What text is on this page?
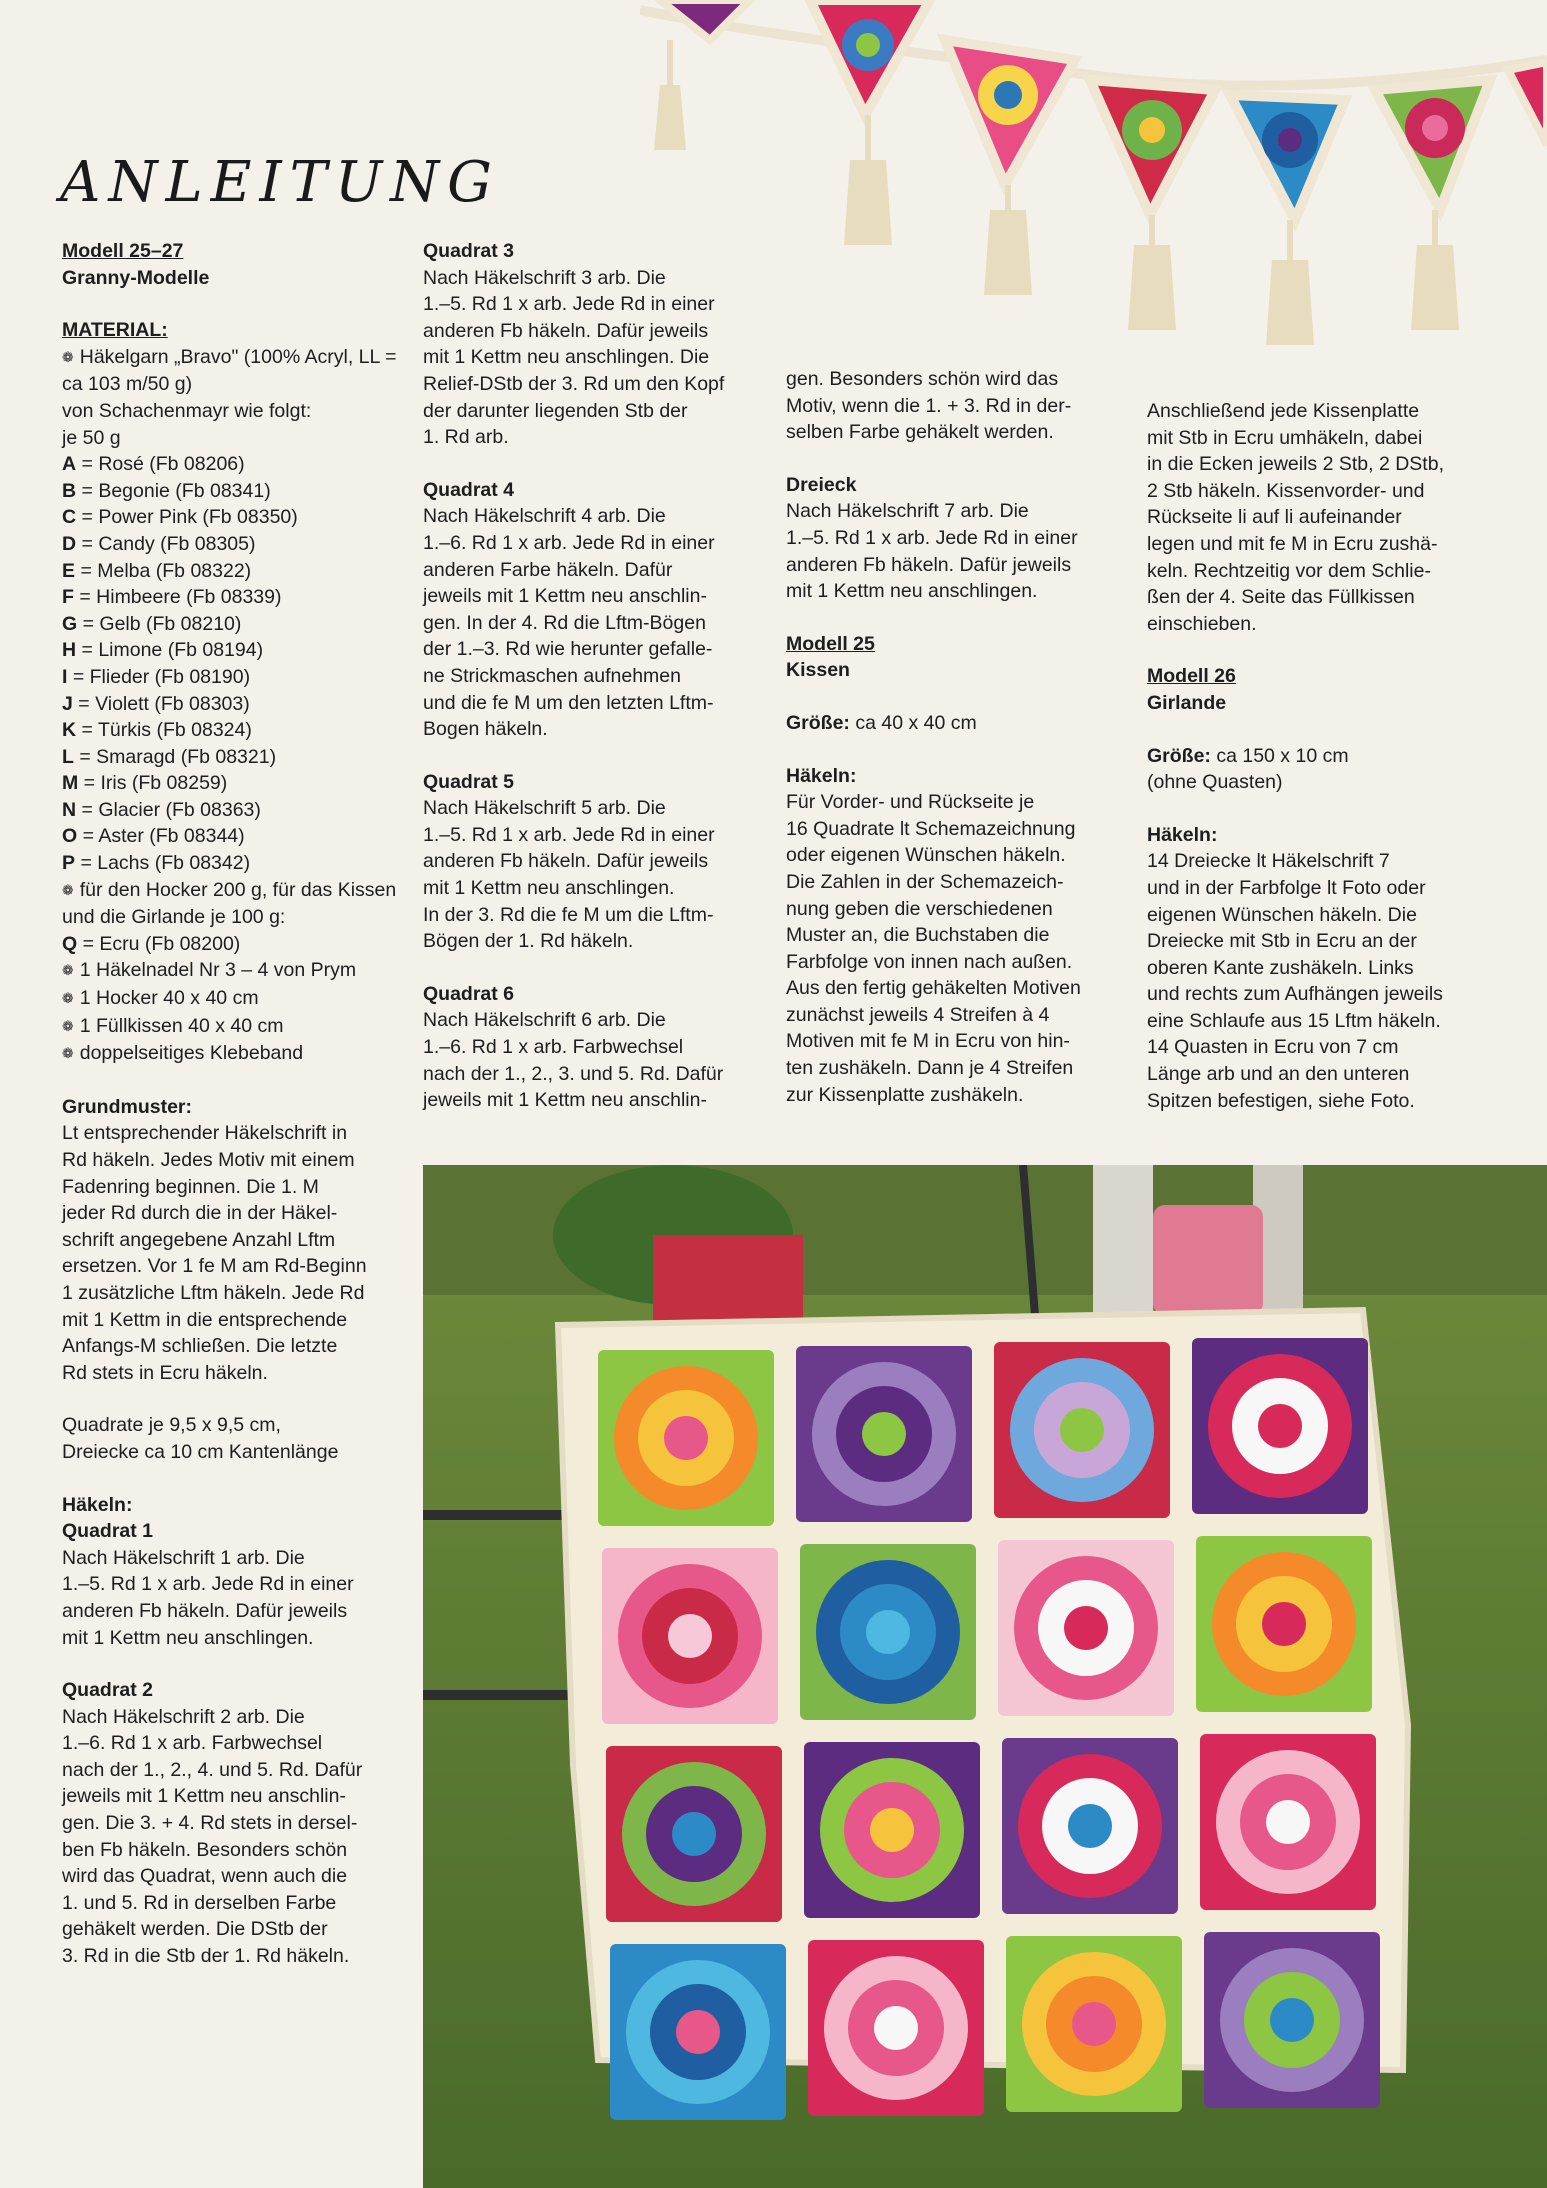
ANLEITUNG
Modell 25–27
Granny-Modelle
MATERIAL:
❁ Häkelgarn „Bravo" (100% Acryl, LL = ca 103 m/50 g)
von Schachenmayr wie folgt:
je 50 g
A = Rosé (Fb 08206)
B = Begonie (Fb 08341)
C = Power Pink (Fb 08350)
D = Candy (Fb 08305)
E = Melba (Fb 08322)
F = Himbeere (Fb 08339)
G = Gelb (Fb 08210)
H = Limone (Fb 08194)
I = Flieder (Fb 08190)
J = Violett (Fb 08303)
K = Türkis (Fb 08324)
L = Smaragd (Fb 08321)
M = Iris (Fb 08259)
N = Glacier (Fb 08363)
O = Aster (Fb 08344)
P = Lachs (Fb 08342)
❁ für den Hocker 200 g, für das Kissen und die Girlande je 100 g:
Q = Ecru (Fb 08200)
❁ 1 Häkelnadel Nr 3 – 4 von Prym
❁ 1 Hocker 40 x 40 cm
❁ 1 Füllkissen 40 x 40 cm
❁ doppelseitiges Klebeband
Grundmuster:

Lt entsprechender Häkelschrift in
Rd häkeln. Jedes Motiv mit einem
Fadenring beginnen. Die 1. M
jeder Rd durch die in der Häkel-
schrift angegebene Anzahl Lftm
ersetzen. Vor 1 fe M am Rd-Beginn
1 zusätzliche Lftm häkeln. Jede Rd
mit 1 Kettm in die entsprechende
Anfangs-M schließen. Die letzte
Rd stets in Ecru häkeln.

Quadrate je 9,5 x 9,5 cm,
Dreiecke ca 10 cm Kantenlänge

Häkeln:
Quadrat 1

Nach Häkelschrift 1 arb. Die
1.–5. Rd 1 x arb. Jede Rd in einer
anderen Fb häkeln. Dafür jeweils
mit 1 Kettm neu anschlingen.

Quadrat 2

Nach Häkelschrift 2 arb. Die
1.–6. Rd 1 x arb. Farbwechsel
nach der 1., 2., 4. und 5. Rd. Dafür
jeweils mit 1 Kettm neu anschlin-
gen. Die 3. + 4. Rd stets in dersel-
ben Fb häkeln. Besonders schön
wird das Quadrat, wenn auch die
1. und 5. Rd in derselben Farbe
gehäkelt werden. Die DStb der
3. Rd in die Stb der 1. Rd häkeln.

Quadrat 3

Nach Häkelschrift 3 arb. Die
1.–5. Rd 1 x arb. Jede Rd in einer
anderen Fb häkeln. Dafür jeweils
mit 1 Kettm neu anschlingen. Die
Relief-DStb der 3. Rd um den Kopf
der darunter liegenden Stb der
1. Rd arb.

Quadrat 4

Nach Häkelschrift 4 arb. Die
1.–6. Rd 1 x arb. Jede Rd in einer
anderen Farbe häkeln. Dafür
jeweils mit 1 Kettm neu anschlin-
gen. In der 4. Rd die Lftm-Bögen
der 1.–3. Rd wie herunter gefalle-
ne Strickmaschen aufnehmen
und die fe M um den letzten Lftm-
Bogen häkeln.

Quadrat 5

Nach Häkelschrift 5 arb. Die
1.–5. Rd 1 x arb. Jede Rd in einer
anderen Fb häkeln. Dafür jeweils
mit 1 Kettm neu anschlingen.
In der 3. Rd die fe M um die Lftm-
Bögen der 1. Rd häkeln.

Quadrat 6

Nach Häkelschrift 6 arb. Die
1.–6. Rd 1 x arb. Farbwechsel
nach der 1., 2., 3. und 5. Rd. Dafür
jeweils mit 1 Kettm neu anschlin-

gen. Besonders schön wird das
Motiv, wenn die 1. + 3. Rd in der-
selben Farbe gehäkelt werden.

Dreieck

Nach Häkelschrift 7 arb. Die
1.–5. Rd 1 x arb. Jede Rd in einer
anderen Fb häkeln. Dafür jeweils
mit 1 Kettm neu anschlingen.

Modell 25
Kissen
Größe: ca 40 x 40 cm
Häkeln:

Für Vorder- und Rückseite je
16 Quadrate lt Schemazeichnung
oder eigenen Wünschen häkeln.
Die Zahlen in der Schemazeich-
nung geben die verschiedenen
Muster an, die Buchstaben die
Farbfolge von innen nach außen.
Aus den fertig gehäkelten Motiven
zunächst jeweils 4 Streifen à 4
Motiven mit fe M in Ecru von hin-
ten zushäkeln. Dann je 4 Streifen
zur Kissenplatte zushäkeln.

Anschließend jede Kissenplatte
mit Stb in Ecru umhäkeln, dabei
in die Ecken jeweils 2 Stb, 2 DStb,
2 Stb häkeln. Kissenvorder- und
Rückseite li auf li aufeinander
legen und mit fe M in Ecru zushä-
keln. Rechtzeitig vor dem Schlie-
ßen der 4. Seite das Füllkissen
einschieben.

Modell 26
Girlande
Größe: ca 150 x 10 cm
(ohne Quasten)
Häkeln:

14 Dreiecke lt Häkelschrift 7
und in der Farbfolge lt Foto oder
eigenen Wünschen häkeln. Die
Dreiecke mit Stb in Ecru an der
oberen Kante zushäkeln. Links
und rechts zum Aufhängen jeweils
eine Schlaufe aus 15 Lftm häkeln.
14 Quasten in Ecru von 7 cm
Länge arb und an den unteren
Spitzen befestigen, siehe Foto.
